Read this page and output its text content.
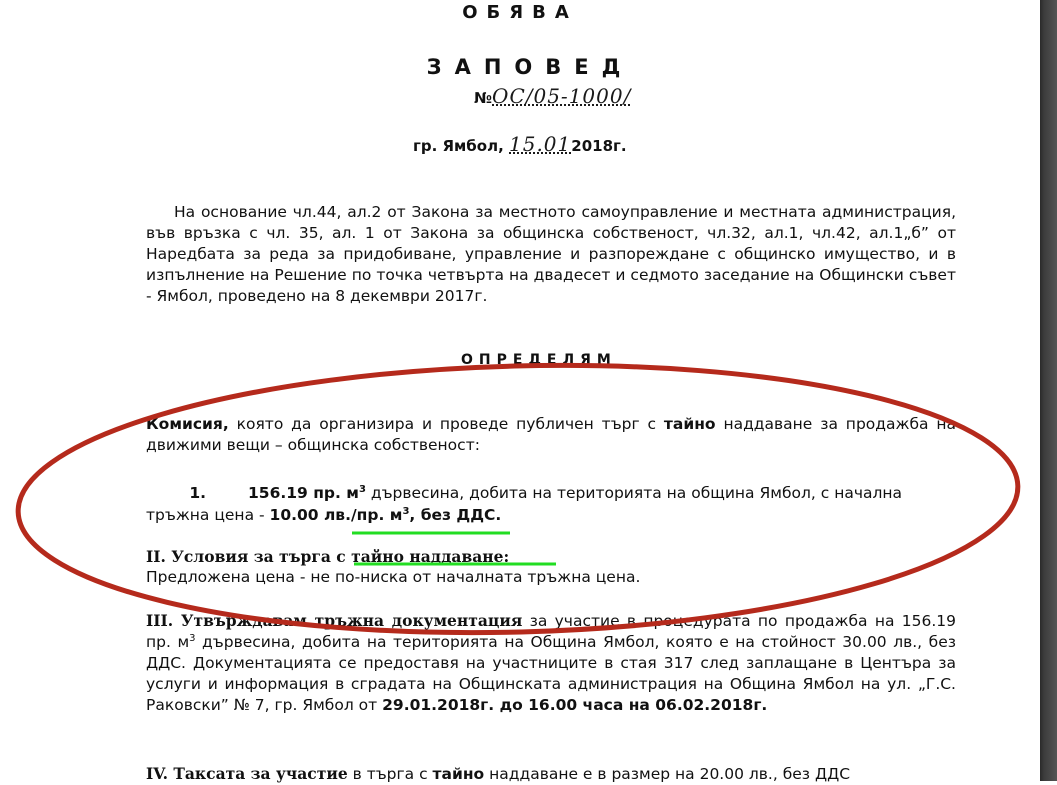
ОБЯВА
ЗАПОВЕД
№ОС/05-1000/
гр. Ямбол, 15.012018г.
На основание чл.44, ал.2 от Закона за местното самоуправление и местната администрация, във връзка с чл. 35, ал. 1 от Закона за общинска собственост, чл.32, ал.1, чл.42, ал.1„б” от Наредбата за реда за придобиване, управление и разпореждане с общинско имущество, и в изпълнение на Решение по точка четвърта на двадесет и седмото заседание на Общински съвет - Ямбол, проведено на 8 декември 2017г.
ОПРЕДЕЛЯМ
Комисия, която да организира и проведе публичен търг с тайно наддаване за продажба на движими вещи – общинска собственост:
1.	156.19 пр. $м^3$ дървесина, добита на територията на община Ямбол, с начална тръжна цена - 10.00 лв./пр. $м^3$, без ДДС.
II. Условия за търга с тайно наддаване:
Предложена цена - не по-ниска от началната тръжна цена.
III. Утвърждавам тръжна документация за участие в процедурата по продажба на 156.19 пр. $м^3$ дървесина, добита на територията на Община Ямбол, която е на стойност 30.00 лв., без ДДС. Документацията се предоставя на участниците в стая 317 след заплащане в Центъра за услуги и информация в сградата на Общинската администрация на Община Ямбол на ул. „Г.С. Раковски” № 7, гр. Ямбол от 29.01.2018г. до 16.00 часа на 06.02.2018г.
IV. Таксата за участие в търга с тайно наддаване е в размер на 20.00 лв., без ДДС
